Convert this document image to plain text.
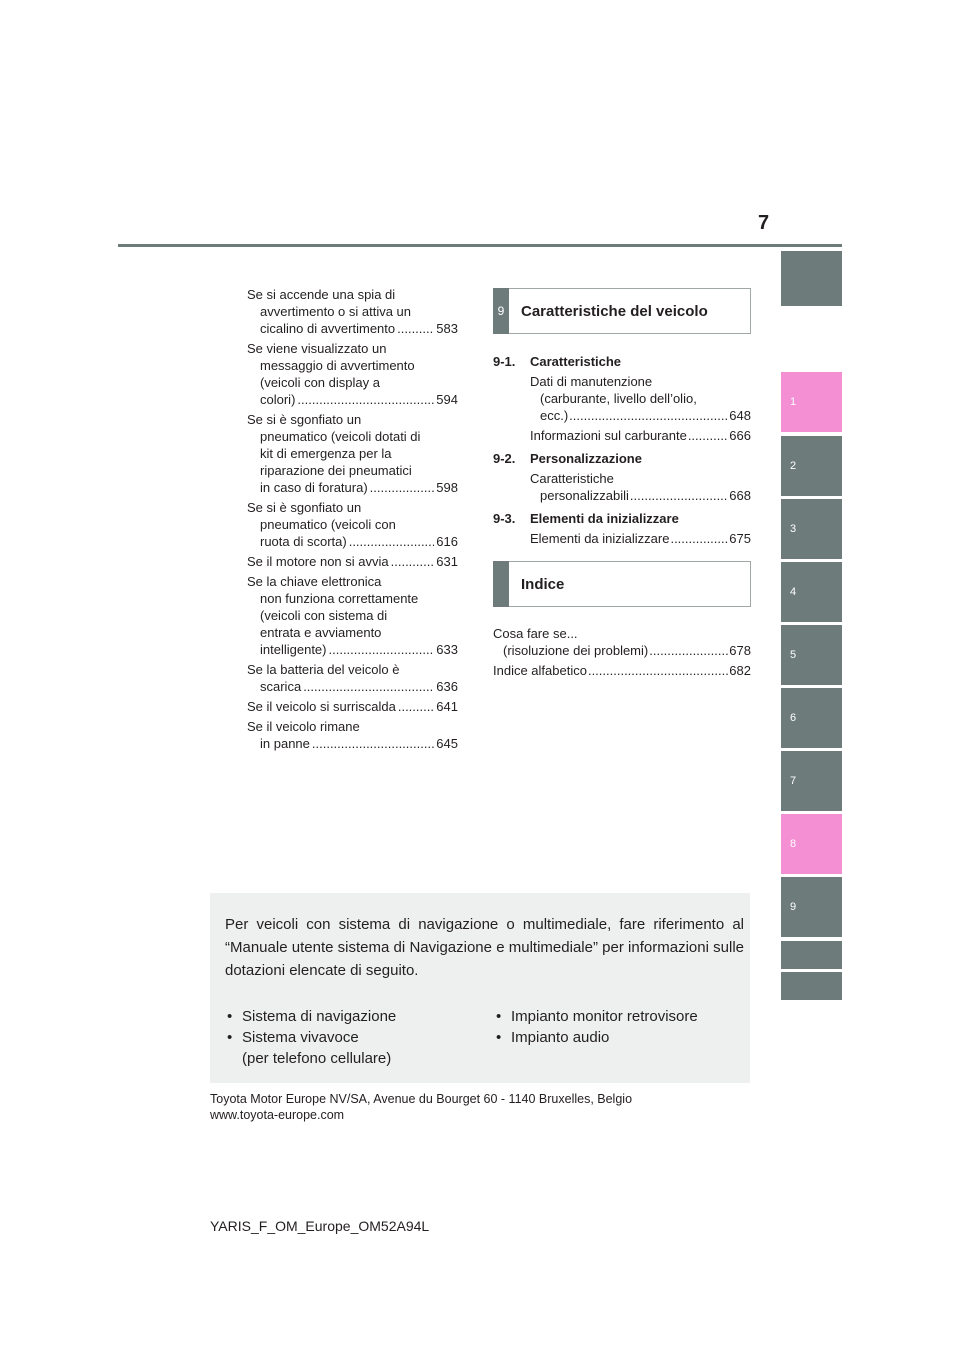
7
1
2
3
4
5
6
7
8
9
Se si accende una spia di
avvertimento o si attiva un
cicalino di avvertimento .....	583
Se viene visualizzato un
messaggio di avvertimento
(veicoli con display a
colori) .....	594
Se si è sgonfiato un
pneumatico (veicoli dotati di
kit di emergenza per la
riparazione dei pneumatici
in caso di foratura) .....	598
Se si è sgonfiato un
pneumatico (veicoli con
ruota di scorta) .....	616
Se il motore non si avvia .....	631
Se la chiave elettronica
non funziona correttamente
(veicoli con sistema di
entrata e avviamento
intelligente) .....	633
Se la batteria del veicolo è
scarica .....	636
Se il veicolo si surriscalda .....	641
Se il veicolo rimane
in panne .....	645
9	Caratteristiche del veicolo
9-1.	Caratteristiche
Dati di manutenzione
(carburante, livello dell’olio,
ecc.) .....	648
Informazioni sul carburante .....	666
9-2.	Personalizzazione
Caratteristiche
personalizzabili .....	668
9-3.	Elementi da inizializzare
Elementi da inizializzare .....	675
Indice
Cosa fare se...
(risoluzione dei problemi) .....	678
Indice alfabetico .....	682
Per veicoli con sistema di navigazione o multimediale, fare riferimento al “Manuale utente sistema di Navigazione e multimediale” per informazioni sulle dotazioni elencate di seguito.
• Sistema di navigazione
• Sistema vivavoce
(per telefono cellulare)
• Impianto monitor retrovisore
• Impianto audio
Toyota Motor Europe NV/SA, Avenue du Bourget 60 - 1140 Bruxelles, Belgio
www.toyota-europe.com
YARIS_F_OM_Europe_OM52A94L
